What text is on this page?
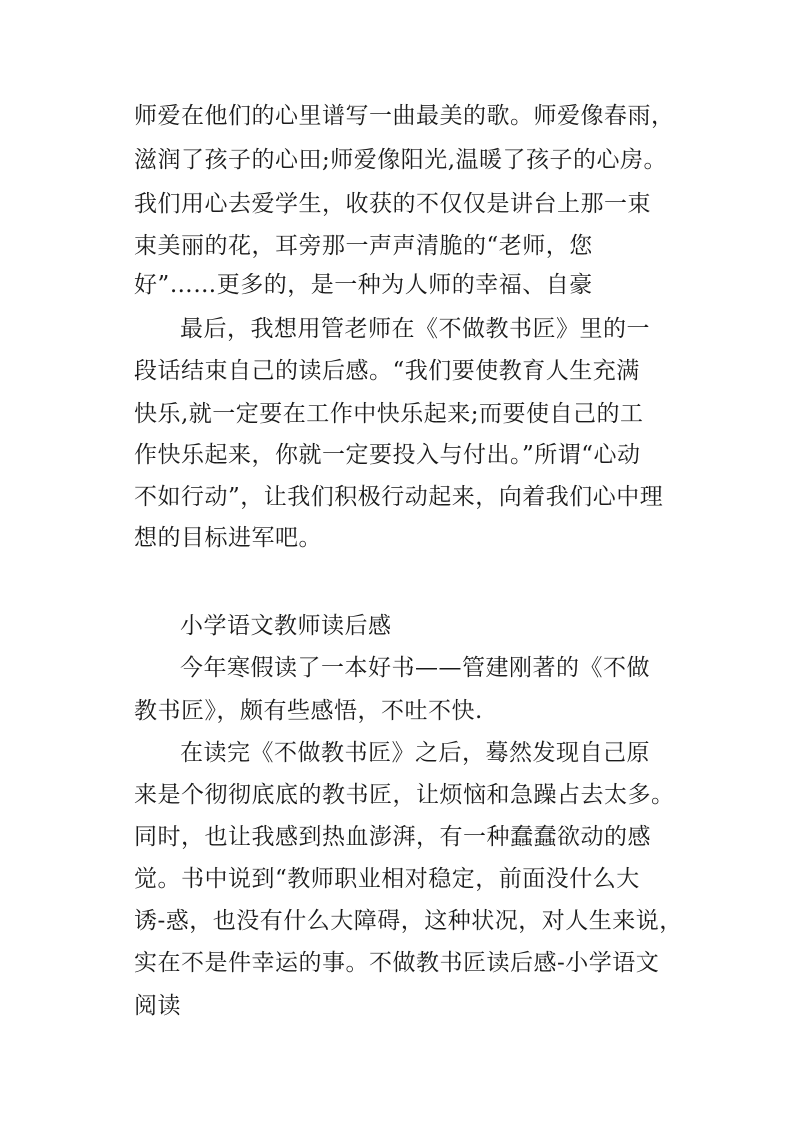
师爱在他们的心里谱写一曲最美的歌。师爱像春雨，
滋润了孩子的心田;师爱像阳光,温暖了孩子的心房。
我们用心去爱学生，收获的不仅仅是讲台上那一束
束美丽的花，耳旁那一声声清脆的“老师，您
好”……更多的，是一种为人师的幸福、自豪
最后，我想用管老师在《不做教书匠》里的一
段话结束自己的读后感。“我们要使教育人生充满
快乐,就一定要在工作中快乐起来;而要使自己的工
作快乐起来，你就一定要投入与付出。”所谓“心动
不如行动”，让我们积极行动起来，向着我们心中理
想的目标进军吧。
小学语文教师读后感
今年寒假读了一本好书——管建刚著的《不做
教书匠》，颇有些感悟，不吐不快.
在读完《不做教书匠》之后，蓦然发现自己原
来是个彻彻底底的教书匠，让烦恼和急躁占去太多。
同时，也让我感到热血澎湃，有一种蠢蠢欲动的感
觉。书中说到“教师职业相对稳定，前面没什么大
诱-惑，也没有什么大障碍，这种状况，对人生来说，
实在不是件幸运的事。不做教书匠读后感-小学语文
阅读
